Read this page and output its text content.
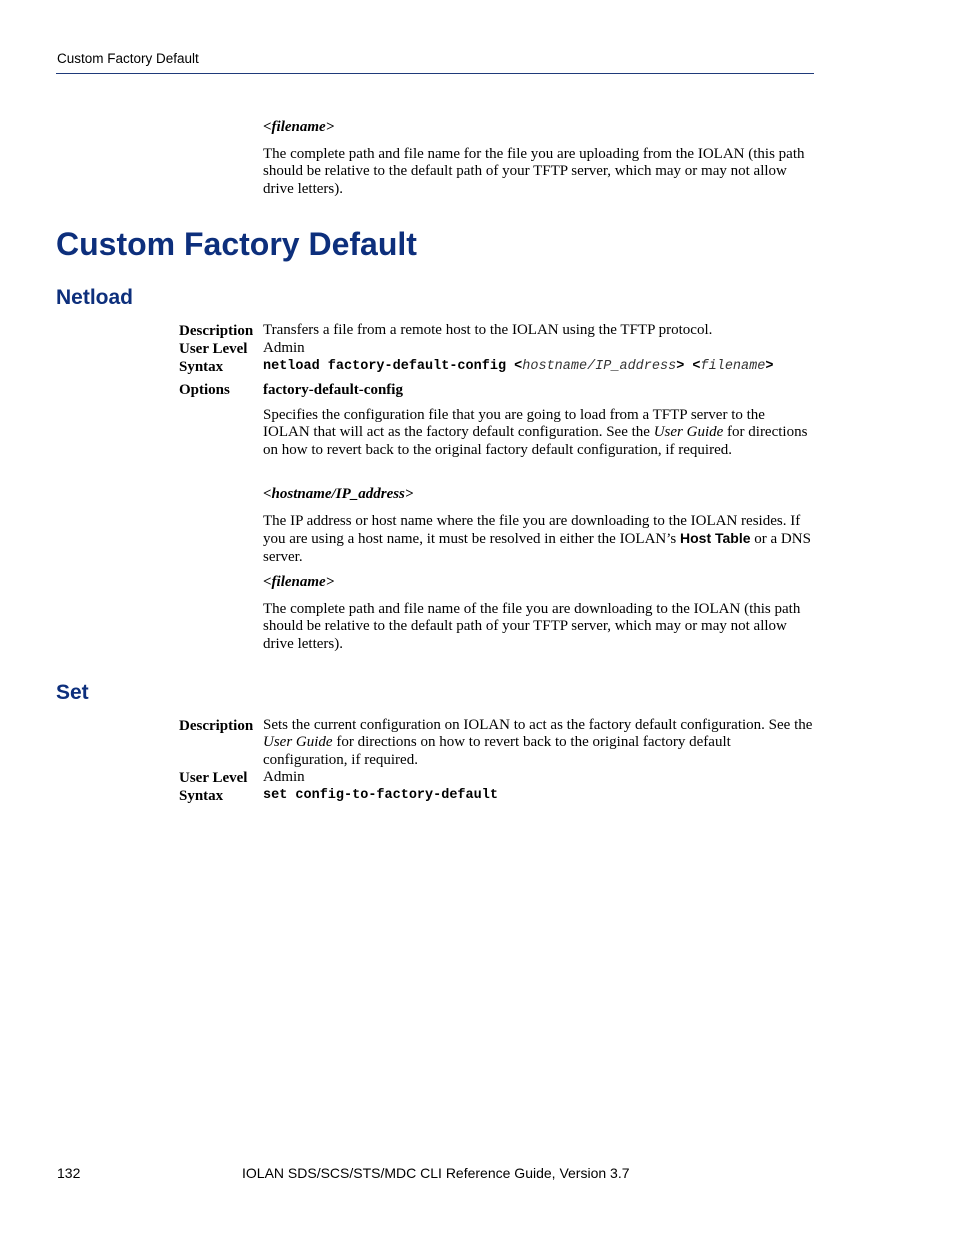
Custom Factory Default
<filename>
The complete path and file name for the file you are uploading from the IOLAN (this path should be relative to the default path of your TFTP server, which may or may not allow drive letters).
Custom Factory Default
Netload
Description Transfers a file from a remote host to the IOLAN using the TFTP protocol.
User Level Admin
Syntax	netload factory-default-config <hostname/IP_address> <filename>
Options factory-default-config
Specifies the configuration file that you are going to load from a TFTP server to the IOLAN that will act as the factory default configuration. See the User Guide for directions on how to revert back to the original factory default configuration, if required.
<hostname/IP_address>
The IP address or host name where the file you are downloading to the IOLAN resides. If you are using a host name, it must be resolved in either the IOLAN’s Host Table or a DNS server.
<filename>
The complete path and file name of the file you are downloading to the IOLAN (this path should be relative to the default path of your TFTP server, which may or may not allow drive letters).
Set
Description Sets the current configuration on IOLAN to act as the factory default configuration. See the User Guide for directions on how to revert back to the original factory default configuration, if required.
User Level Admin
Syntax	set config-to-factory-default
132	IOLAN SDS/SCS/STS/MDC CLI Reference Guide, Version 3.7
